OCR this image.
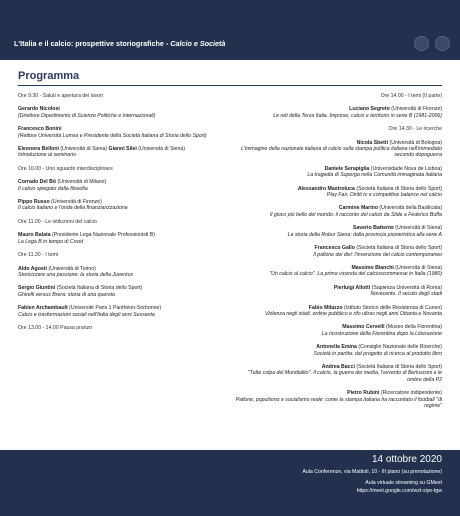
L'Italia e il calcio: prospettive storiografiche - Calcio e Società
Programma
Ore 9.30 - Saluti e apertura dei lavori
Gerardo Nicolosi
(Direttore Dipartimento di Scienze Politiche e Internazionali)
Francesco Bonini
(Rettore Università Lumsa e Presidente della Società Italiana di Storia dello Sport)
Eleonora Belloni (Università di Siena) Gianni Silei (Università di Siena)
Introduzione al seminario
Ore 10.00 - Uno sguardo interdisciplinare
Corrado Del Bò (Università di Milano)
Il calcio spiegato dalla filosofia
Pippo Russo (Università di Firenze)
Il calcio italiano e l'onda della finanziarizzazione
Ore 11.00 - Le istituzioni del calcio
Mauro Balata (Presidente Lega Nazionale Professionisti B)
La Lega B in tempo di Covid
Ore 11.30 - I temi
Aldo Agosti (Università di Torino)
Storicizzare una passione: la storia della Juventus
Sergio Giuntini (Società Italiana di Storia dello Sport)
Ghirelli versus Brera: storia di una querela
Fabien Archambault (Université Paris 1 Panthéon-Sorbonne)
Calcio e trasformazioni sociali nell'Italia degli anni Sessanta
Ore 13.00 - 14.00 Pausa pranzo
Ore 14.00 - I temi (II parte)
Luciano Segreto (Università di Firenze)
Le reti della Terza Italia. Imprese, calcio e territorio in serie B (1981-2006)
Ore 14.30 - Le ricerche
Nicola Sbetti (Università di Bologna)
L'immagine della nazionale italiana di calcio sulla stampa politica italiana nell'immediato secondo dopoguerra
Daniele Serapiglia (Universidade Nova de Lisboa)
La tragedia di Superga nella Comunità immaginata italiana
Alessandro Mastroluca (Società Italiana di Storia dello Sport)
Play Fair. Diritti tv e competitive balance nel calcio
Carmine Marino (Università della Basilicata)
Il gioco più bello del mondo: il racconto del calcio da Slide a Federico Buffa
Saverio Battente (Università di Siena)
La storia della Robur Siena: dalla provincia pionieristica alla serie A
Francesco Gallo (Società Italiana di Storia dello Sport)
Il pallone dei divi: l'invenzione del calcio contemporaneo
Massimo Bianchi (Università di Siena)
"Un calcio al calcio". La prima vicenda del calcioscommesse in Italia (1980)
Pierluigi Allotti (Sapienza Università di Roma)
Novecento. Il secolo degli stadi
Fabio Milazzo (Istituto Storico delle Resistenza di Cuneo)
Violenza negli stadi, ordine pubblico e rifo ultras negli anni Ottanta e Novanta
Massimo Cervelli (Museo della Fiorentina)
La ricostruzione della Fiorentina dopo la Liberazione
Antonella Emina (Consiglio Nazionale delle Ricerche)
Società in partita: dal progetto di ricerca al prodotto libro
Andrea Bacci (Società Italiana di Storia dello Sport)
"Tutte colpa del Mundialito". Il calcio, la guerra dei media, l'avvento di Berlusconi e le ombre della P2
Pietro Rubini (Ricercatore indipendente)
Pallone, populismo e socialismo reale: come la stampa italiana ha raccontato il football "di regime"
14 ottobre 2020
Aula Conferenze, via Mattioli, 10 - III piano (su prenotazione)
Aula virtuale streaming su GMeet
https://meet.google.com/wzt-siye-tgw
